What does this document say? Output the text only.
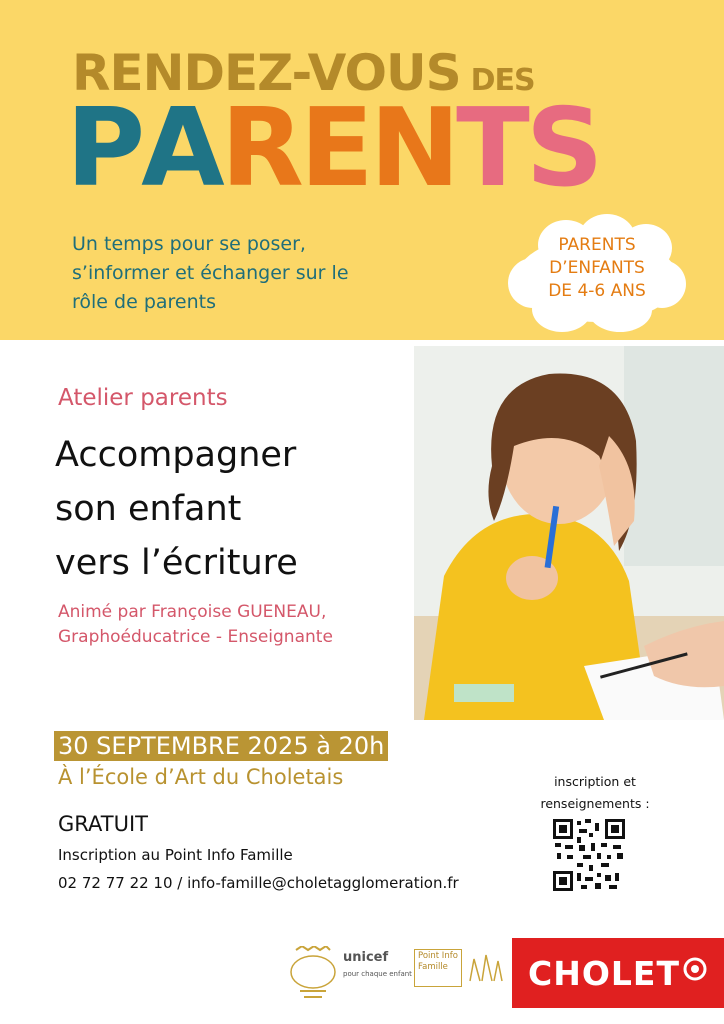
RENDEZ-VOUS DES
PARENTS
Un temps pour se poser,
s’informer et échanger sur le
rôle de parents
PARENTS
D’ENFANTS
DE 4-6 ANS
Atelier parents
Accompagner
son enfant
vers l’écriture
Animé par Françoise GUENEAU,
Graphoéducatrice - Enseignante
30 SEPTEMBRE 2025 à 20h
À l’École d’Art du Choletais
GRATUIT
Inscription au Point Info Famille
02 72 77 22 10 / info-famille@choletagglomeration.fr
inscription et
renseignements :
unicef
pour chaque enfant
Point Info
Famille	CHOLET
